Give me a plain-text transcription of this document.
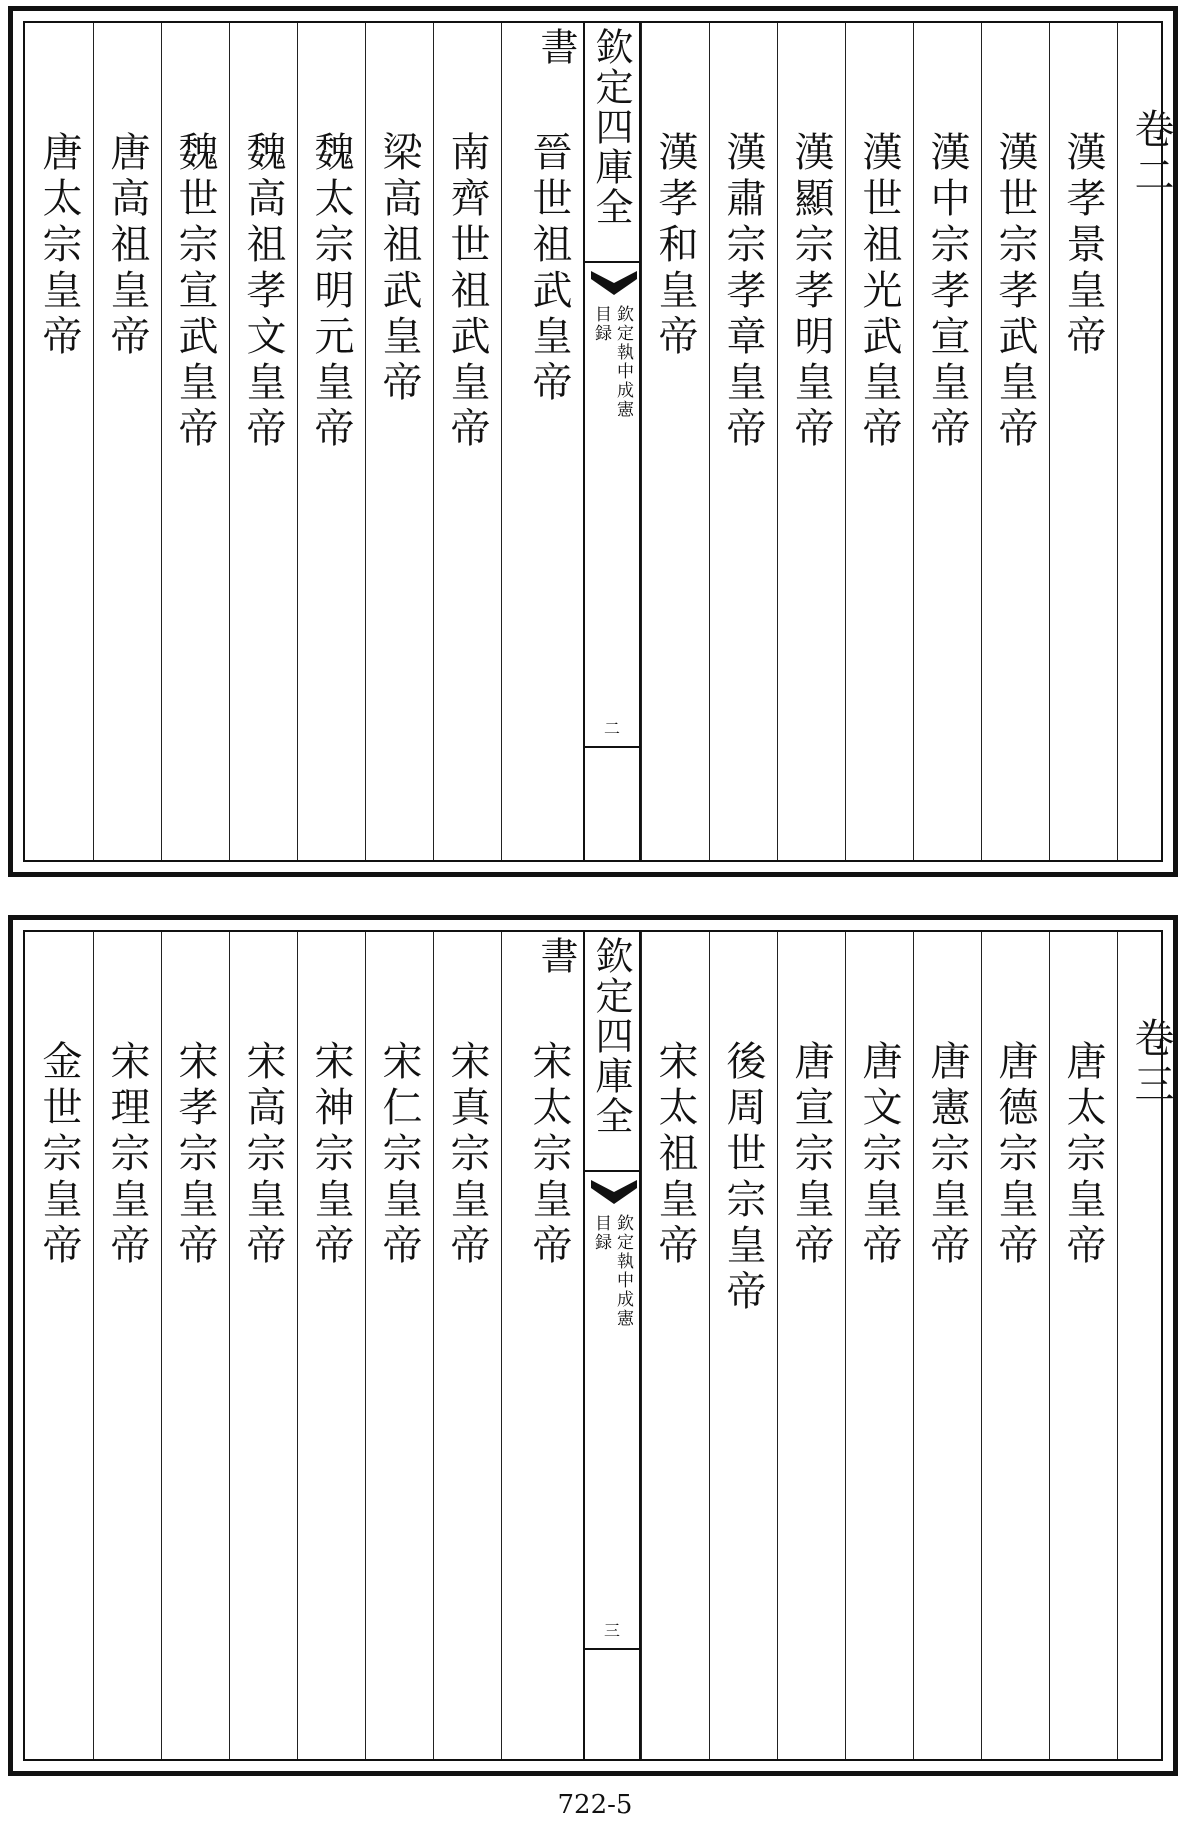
唐太宗皇帝 唐高祖皇帝 魏世宗宣武皇帝 魏高祖孝文皇帝 魏太宗明元皇帝 梁高祖武皇帝 南齊世祖武皇帝 晉世祖武皇帝
欽定四庫全書
欽定執中成憲
目録
二
漢孝和皇帝 漢肅宗孝章皇帝 漢顯宗孝明皇帝 漢世祖光武皇帝 漢中宗孝宣皇帝 漢世宗孝武皇帝 漢孝景皇帝 卷二
金世宗皇帝 宋理宗皇帝 宋孝宗皇帝 宋高宗皇帝 宋神宗皇帝 宋仁宗皇帝 宋真宗皇帝 宋太宗皇帝
欽定四庫全書
欽定執中成憲
目録
三
宋太祖皇帝 後周世宗皇帝 唐宣宗皇帝 唐文宗皇帝 唐憲宗皇帝 唐德宗皇帝 唐太宗皇帝 卷三
722-5
